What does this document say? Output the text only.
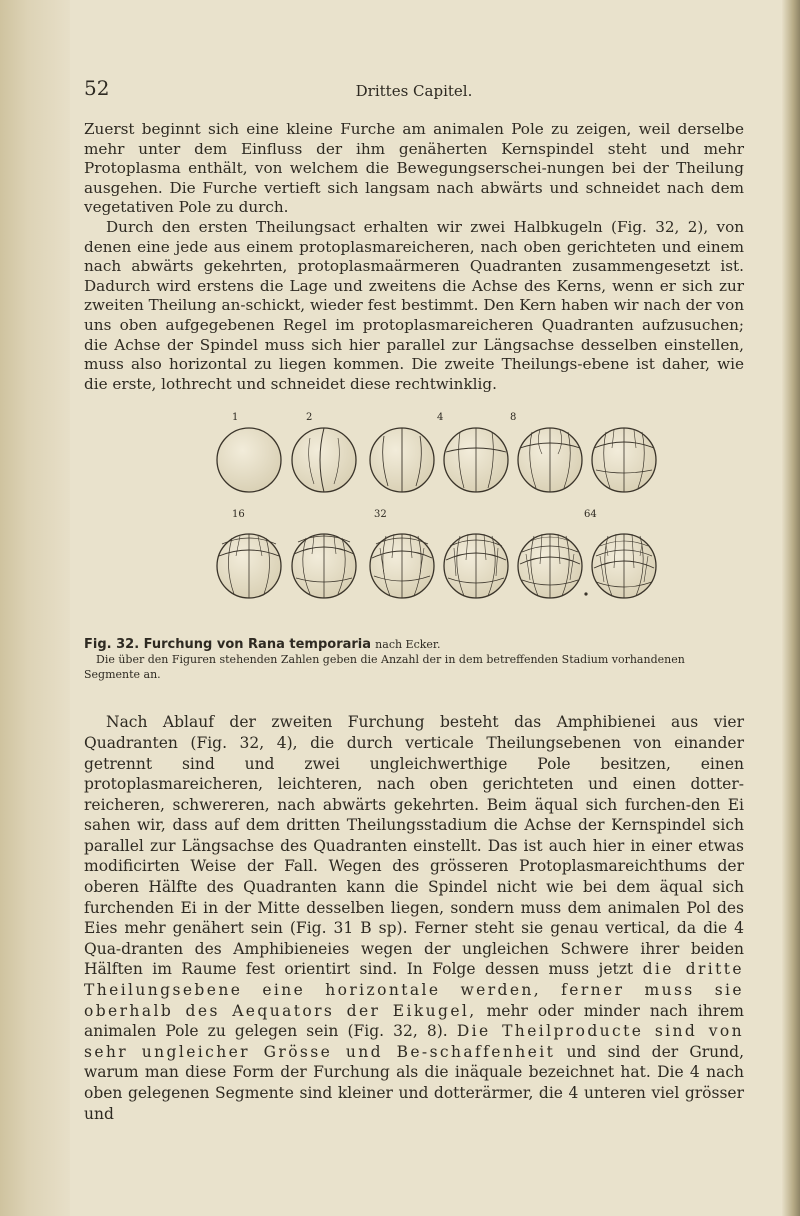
52	Drittes Capitel.

Zuerst beginnt sich eine kleine Furche am animalen Pole zu zeigen, weil derselbe mehr unter dem Einfluss der ihm genäherten Kernspindel steht und mehr Protoplasma enthält, von welchem die Bewegungserschei-nungen bei der Theilung ausgehen. Die Furche vertieft sich langsam nach abwärts und schneidet nach dem vegetativen Pole zu durch.

Durch den ersten Theilungsact erhalten wir zwei Halbkugeln (Fig. 32, 2), von denen eine jede aus einem protoplasmareicheren, nach oben gerichteten und einem nach abwärts gekehrten, protoplasmaärmeren Quadranten zusammengesetzt ist. Dadurch wird erstens die Lage und zweitens die Achse des Kerns, wenn er sich zur zweiten Theilung an-schickt, wieder fest bestimmt. Den Kern haben wir nach der von uns oben aufgegebenen Regel im protoplasmareicheren Quadranten aufzusuchen; die Achse der Spindel muss sich hier parallel zur Längsachse desselben einstellen, muss also horizontal zu liegen kommen. Die zweite Theilungs-ebene ist daher, wie die erste, lothrecht und schneidet diese rechtwinklig.

1	2	4	8
16	32	64
Fig. 32. Furchung von Rana temporaria nach Ecker.
Die über den Figuren stehenden Zahlen geben die Anzahl der in dem betreffenden Stadium vorhandenen Segmente an.

Nach Ablauf der zweiten Furchung besteht das Amphibienei aus vier Quadranten (Fig. 32, 4), die durch verticale Theilungsebenen von einander getrennt sind und zwei ungleichwerthige Pole besitzen, einen protoplasmareicheren, leichteren, nach oben gerichteten und einen dotter-reicheren, schwereren, nach abwärts gekehrten. Beim äqual sich furchen-den Ei sahen wir, dass auf dem dritten Theilungsstadium die Achse der Kernspindel sich parallel zur Längsachse des Quadranten einstellt. Das ist auch hier in einer etwas modificirten Weise der Fall. Wegen des grösseren Protoplasmareichthums der oberen Hälfte des Quadranten kann die Spindel nicht wie bei dem äqual sich furchenden Ei in der Mitte desselben liegen, sondern muss dem animalen Pol des Eies mehr genähert sein (Fig. 31 B sp). Ferner steht sie genau vertical, da die 4 Qua-dranten des Amphibieneies wegen der ungleichen Schwere ihrer beiden Hälften im Raume fest orientirt sind. In Folge dessen muss jetzt die dritte Theilungsebene eine horizontale werden, ferner muss sie oberhalb des Aequators der Eikugel, mehr oder minder nach ihrem animalen Pole zu gelegen sein (Fig. 32, 8). Die Theilproducte sind von sehr ungleicher Grösse und Be-schaffenheit und sind der Grund, warum man diese Form der Furchung als die inäquale bezeichnet hat. Die 4 nach oben gelegenen Segmente sind kleiner und dotterärmer, die 4 unteren viel grösser und
